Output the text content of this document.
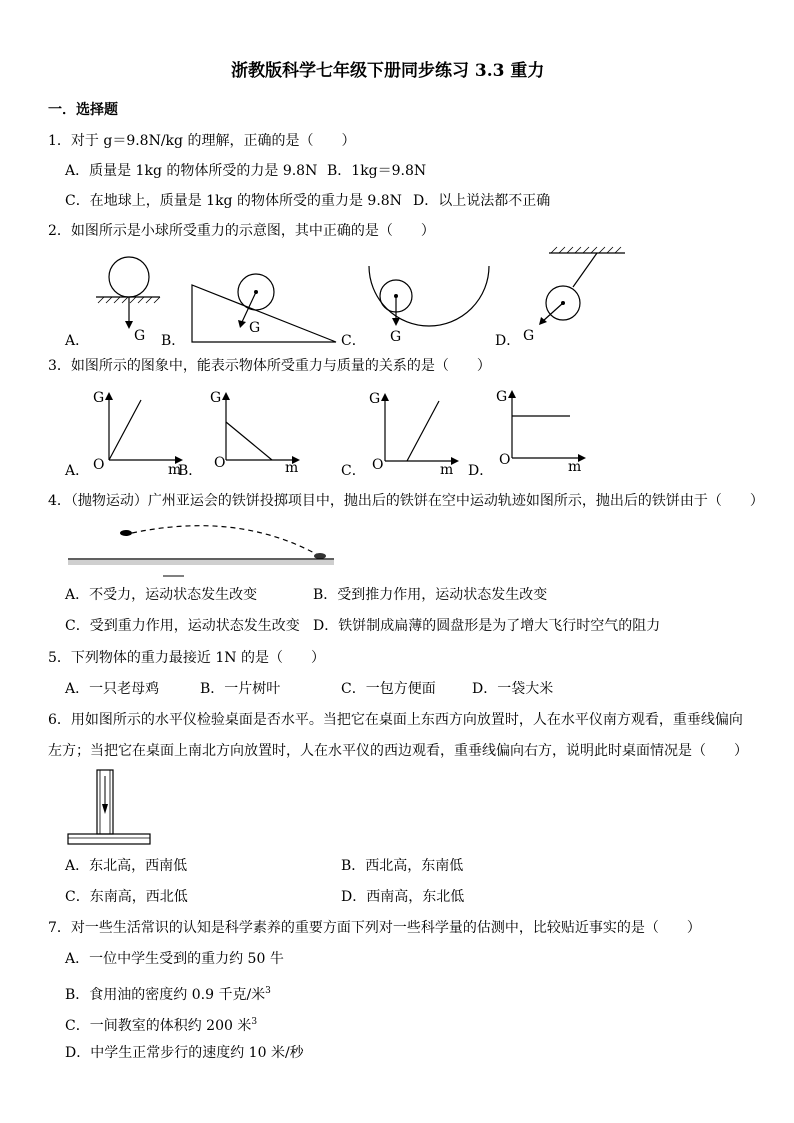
浙教版科学七年级下册同步练习 3.3 重力
一．选择题
1．对于 g＝9.8N/kg 的理解，正确的是（　　）
A．质量是 1kg 的物体所受的力是 9.8N B．1kg＝9.8N
C．在地球上，质量是 1kg 的物体所受的重力是 9.8N D．以上说法都不正确
2．如图所示是小球所受重力的示意图，其中正确的是（　　）
G
A．
G
B．	G
C．	G
D．
3．如图所示的图象中，能表示物体所受重力与质量的关系的是（　　）
G
O	m
A．
G
O	m
B．
G
O	m
C．
G
O	m
D．
4．（抛物运动）广州亚运会的铁饼投掷项目中，抛出后的铁饼在空中运动轨迹如图所示，抛出后的铁饼由于（　　）
A．不受力，运动状态发生改变	B．受到推力作用，运动状态发生改变
C．受到重力作用，运动状态发生改变 D．铁饼制成扁薄的圆盘形是为了增大飞行时空气的阻力
5．下列物体的重力最接近 1N 的是（　　）
A．一只老母鸡	B．一片树叶	C．一包方便面	D．一袋大米
6．用如图所示的水平仪检验桌面是否水平。当把它在桌面上东西方向放置时，人在水平仪南方观看，重垂线偏向
左方；当把它在桌面上南北方向放置时，人在水平仪的西边观看，重垂线偏向右方，说明此时桌面情况是（　　）
A．东北高，西南低	B．西北高，东南低
C．东南高，西北低	D．西南高，东北低
7．对一些生活常识的认知是科学素养的重要方面下列对一些科学量的估测中，比较贴近事实的是（　　）
A．一位中学生受到的重力约 50 牛
B．食用油的密度约 0.9 千克/米$^3$
C．一间教室的体积约 200 米$^3$
D．中学生正常步行的速度约 10 米/秒
